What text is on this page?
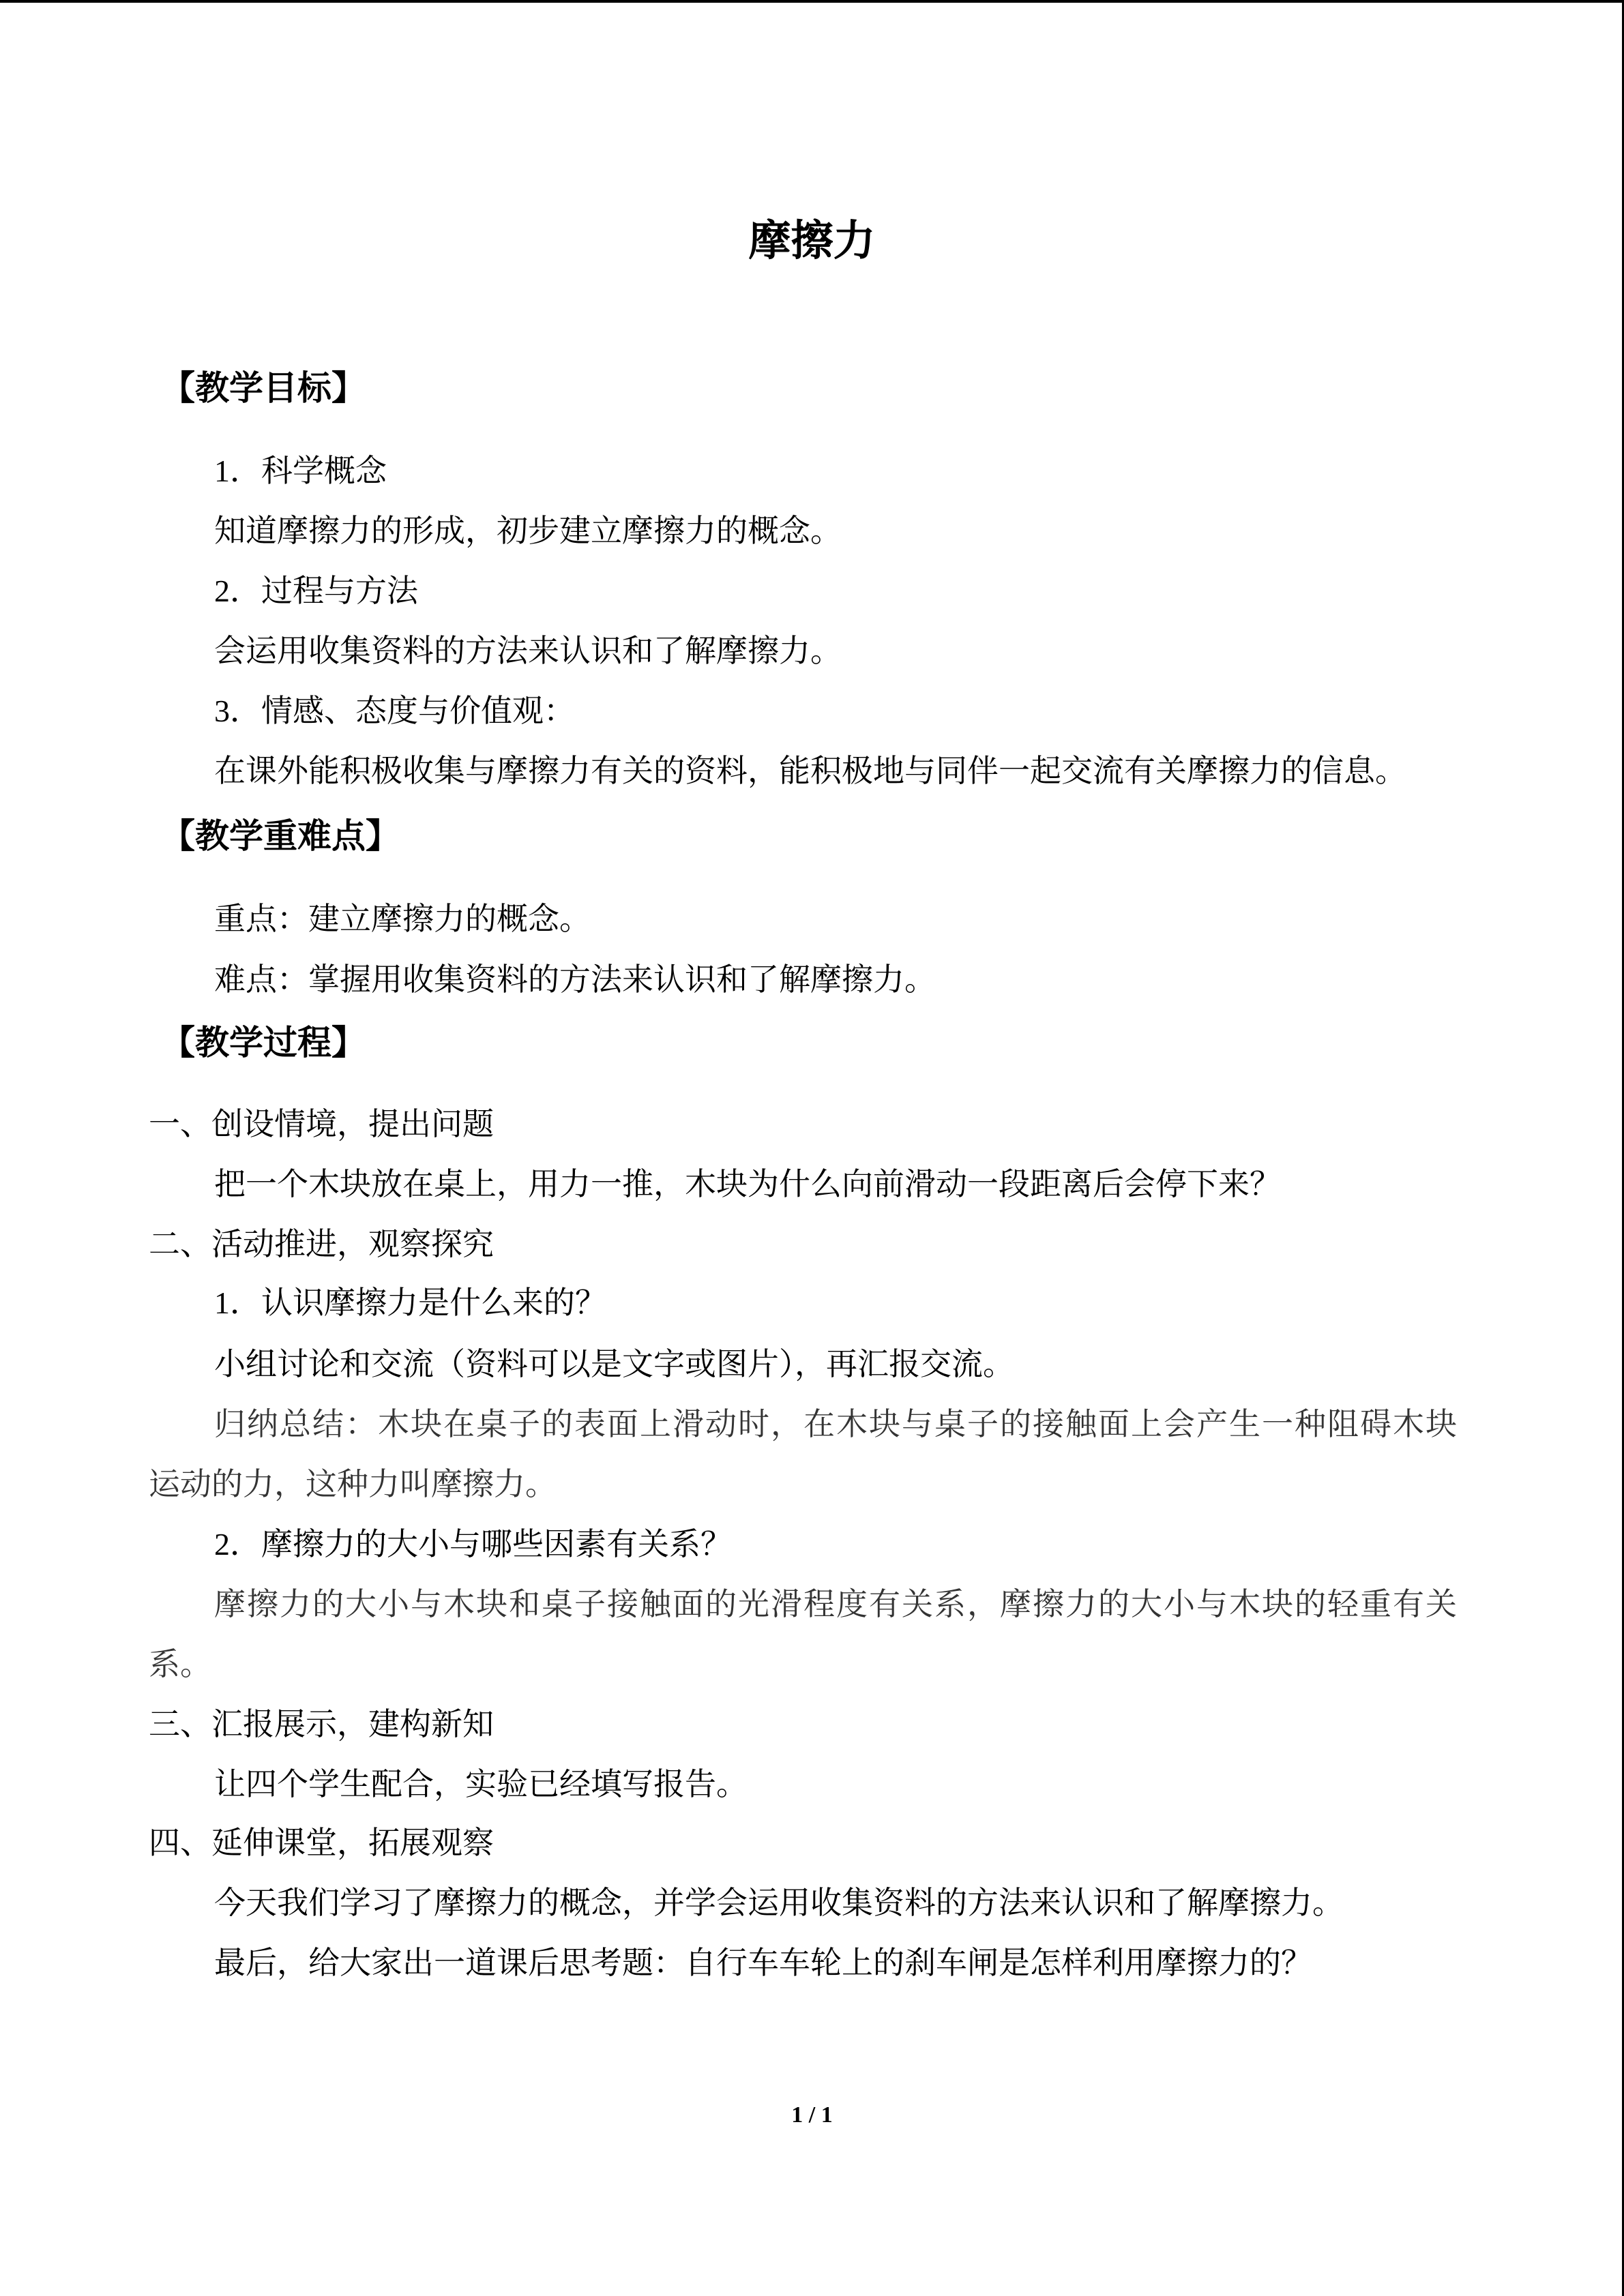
摩擦力
【教学目标】
1．科学概念
知道摩擦力的形成，初步建立摩擦力的概念。
2．过程与方法
会运用收集资料的方法来认识和了解摩擦力。
3．情感、态度与价值观：
在课外能积极收集与摩擦力有关的资料，能积极地与同伴一起交流有关摩擦力的信息。
【教学重难点】
重点：建立摩擦力的概念。
难点：掌握用收集资料的方法来认识和了解摩擦力。
【教学过程】
一、创设情境，提出问题
把一个木块放在桌上，用力一推，木块为什么向前滑动一段距离后会停下来？
二、活动推进，观察探究
1．认识摩擦力是什么来的？
小组讨论和交流（资料可以是文字或图片），再汇报交流。
归纳总结：木块在桌子的表面上滑动时，在木块与桌子的接触面上会产生一种阻碍木块
运动的力，这种力叫摩擦力。
2．摩擦力的大小与哪些因素有关系？
摩擦力的大小与木块和桌子接触面的光滑程度有关系，摩擦力的大小与木块的轻重有关
系。
三、汇报展示，建构新知
让四个学生配合，实验已经填写报告。
四、延伸课堂，拓展观察
今天我们学习了摩擦力的概念，并学会运用收集资料的方法来认识和了解摩擦力。
最后，给大家出一道课后思考题：自行车车轮上的刹车闸是怎样利用摩擦力的？
1 / 1
